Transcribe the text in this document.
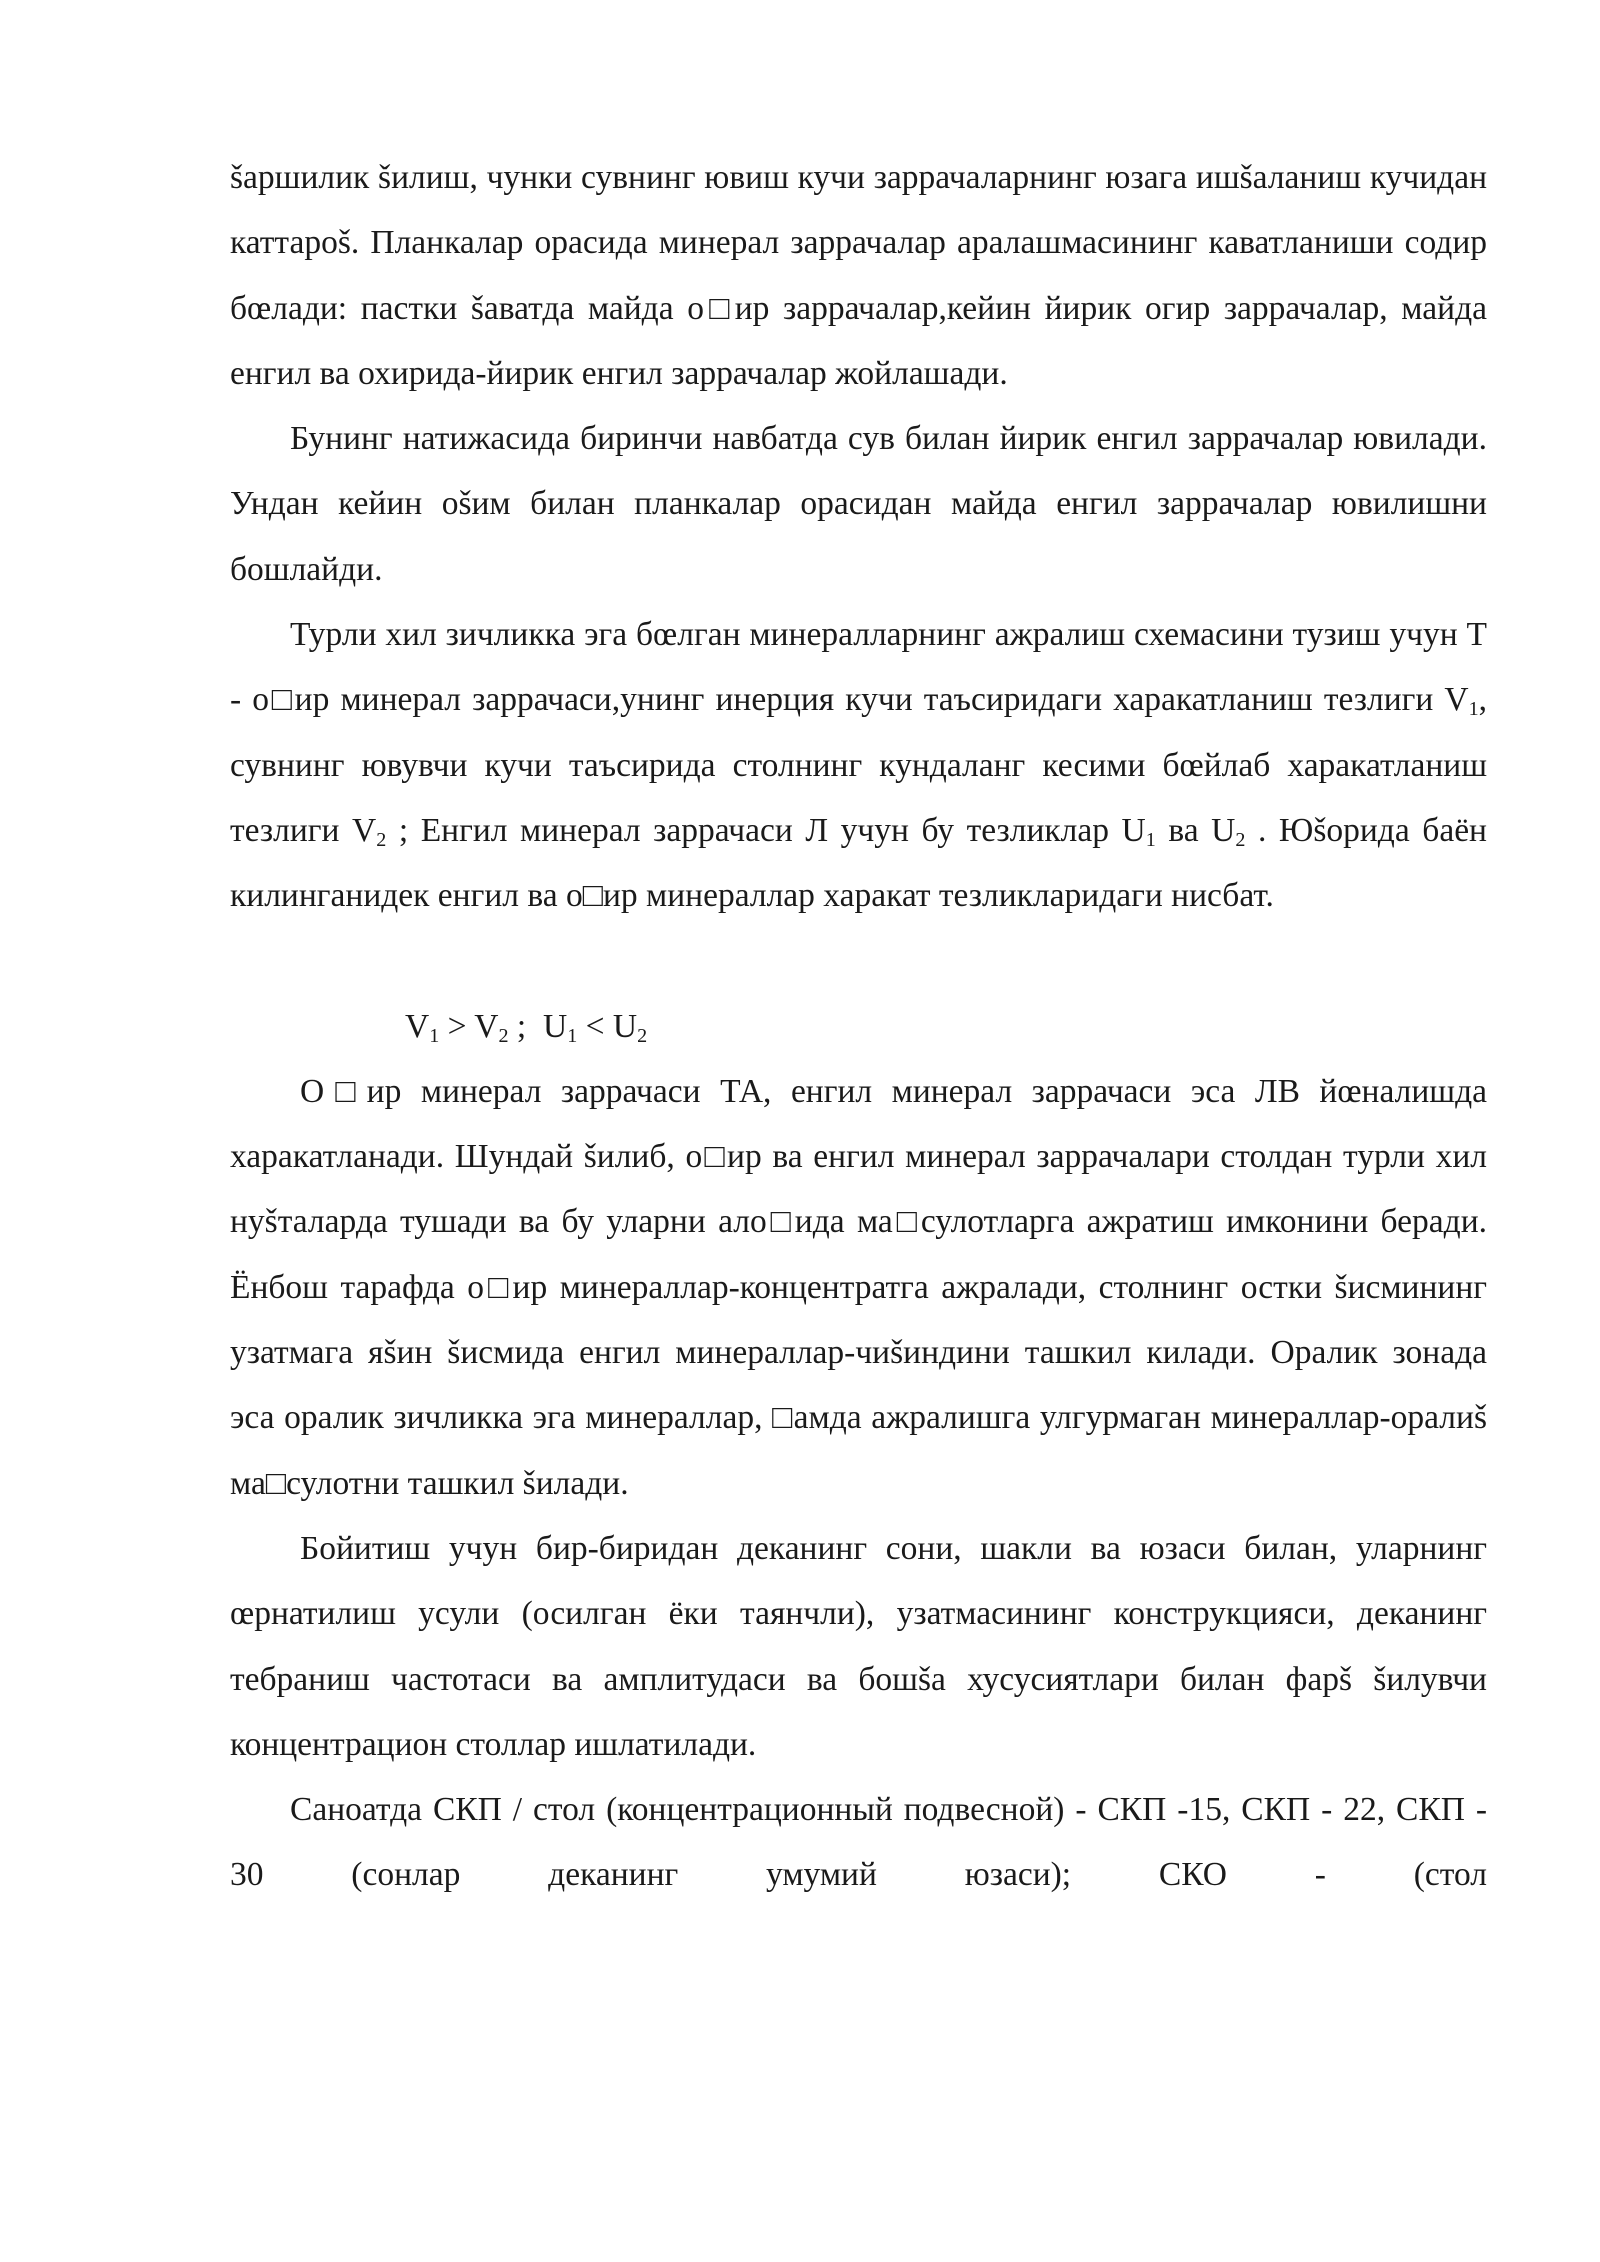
šаршилик šилиш, чунки сувнинг ювиш кучи заррачаларнинг юзага ишšаланиш кучидан каттароš. Планкалар орасида минерал заррачалар аралашмасининг каватланиши содир бœлади: пастки šаватда майда о□ир заррачалар,кейин йирик огир заррачалар, майда енгил ва охирида-йирик енгил заррачалар жойлашади.

Бунинг натижасида биринчи навбатда сув билан йирик енгил заррачалар ювилади. Ундан кейин оšим билан планкалар орасидан майда енгил заррачалар ювилишни бошлайди.

Турли хил зичликка эга бœлган минералларнинг ажралиш схемасини тузиш учун Т - о□ир минерал заррачаси,унинг инерция кучи таъсиридаги харакатланиш тезлиги $V_1$, сувнинг ювувчи кучи таъсирида столнинг кундаланг кесими бœйлаб харакатланиш тезлиги $V_2$ ; Енгил минерал заррачаси Л учун бу тезликлар $U_1$ ва $U_2$ . Юšорида баён килинганидек енгил ва о□ир минераллар харакат тезликларидаги нисбат.

$V_1 > V_2$ ;  $U_1 < U_2$

О□ир минерал заррачаси ТА, енгил минерал заррачаси эса ЛВ йœналишда харакатланади. Шундай šилиб, о□ир ва енгил минерал заррачалари столдан турли хил нуšталарда тушади ва бу уларни ало□ида ма□сулотларга ажратиш имконини беради. Ёнбош тарафда о□ир минераллар-концентратга ажралади, столнинг остки šисмининг узатмага яšин šисмида енгил минераллар-чиšиндини ташкил килади. Оралик зонада эса оралик зичликка эга минераллар, □амда ажралишга улгурмаган минераллар-оралиš ма□сулотни ташкил šилади.

Бойитиш учун бир-биридан деканинг сони, шакли ва юзаси билан, уларнинг œрнатилиш усули (осилган ёки таянчли), узатмасининг конструкцияси, деканинг тебраниш частотаси ва амплитудаси ва бошšа хусусиятлари билан фарš šилувчи концентрацион столлар ишлатилади.

Саноатда СКП / стол (концентрационный подвесной) - СКП -15, СКП - 22, СКП - 30 (сонлар деканинг умумий юзаси); СКО - (стол
